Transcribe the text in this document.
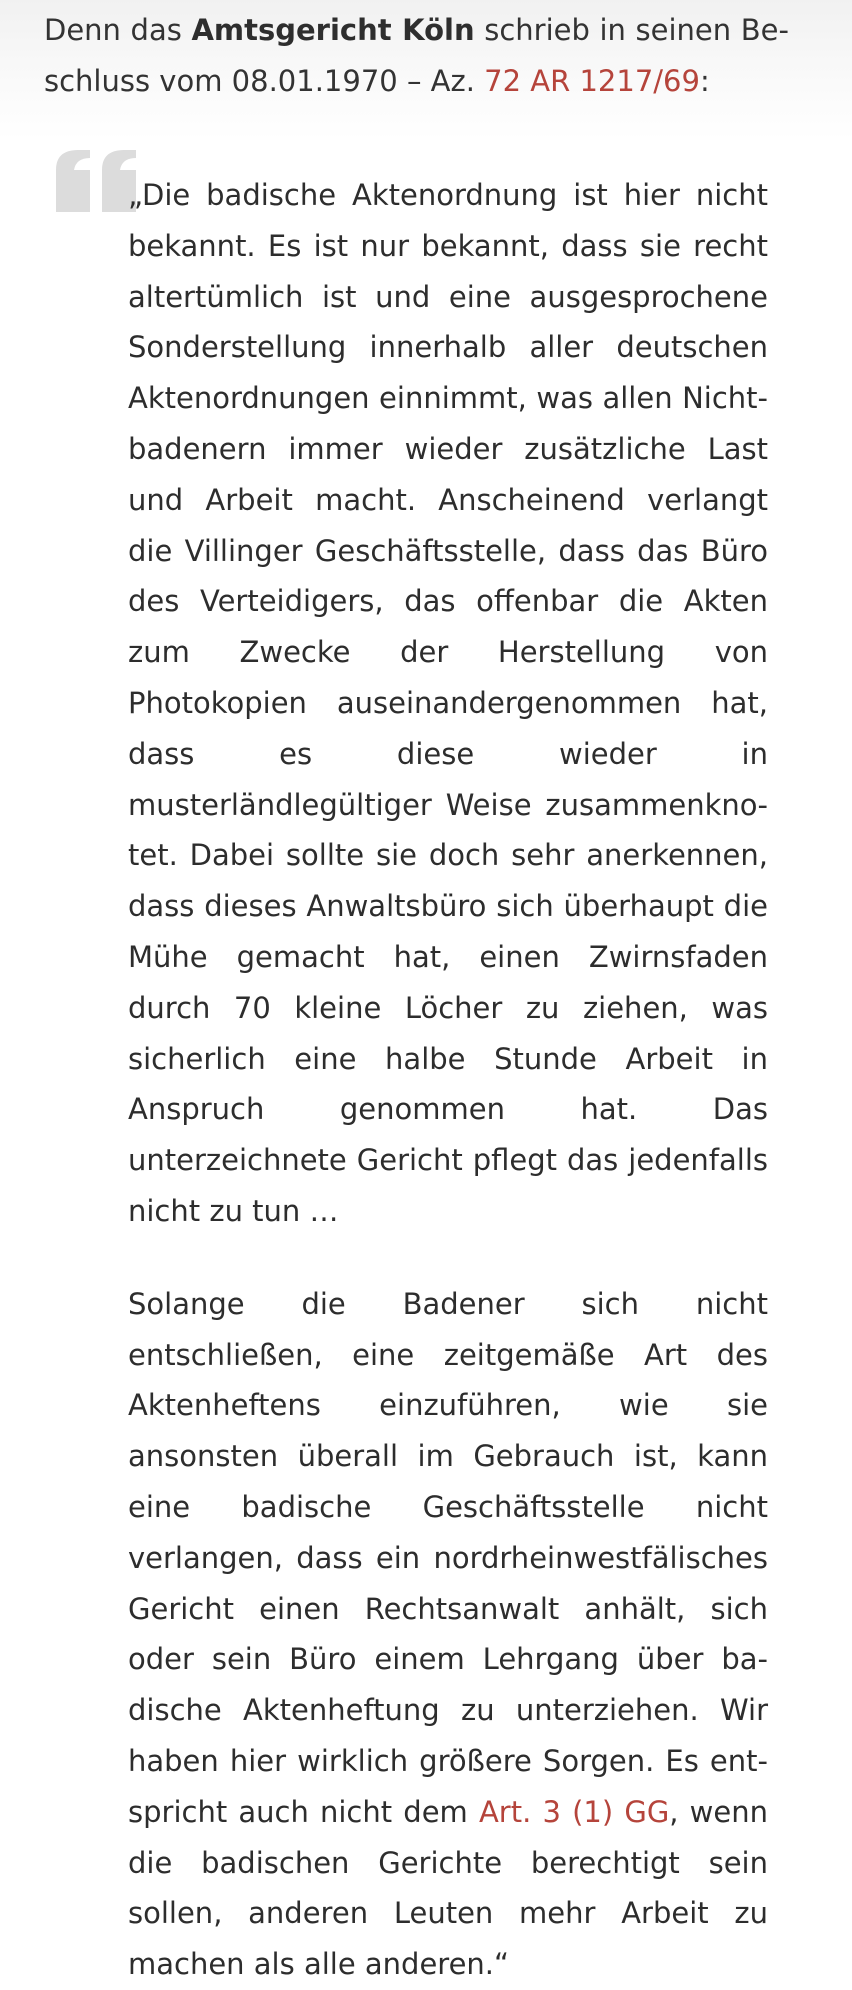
Denn das Amtsgericht Köln schrieb in seinen Beschluss vom 08.01.1970 – Az. 72 AR 1217/69:

„Die badische Aktenordnung ist hier nicht bekannt. Es ist nur bekannt, dass sie recht altertümlich ist und eine ausgesprochene Sonderstellung innerhalb aller deutschen Aktenordnungen einnimmt, was allen Nichtbadenern immer wieder zusätzliche Last und Arbeit macht. Anscheinend verlangt die Villinger Geschäftsstelle, dass das Büro des Verteidigers, das offenbar die Akten zum Zwecke der Herstellung von Photokopien auseinandergenommen hat, dass es diese wieder in musterländlegültiger Weise zusammenknotet. Dabei sollte sie doch sehr anerkennen, dass dieses Anwaltsbüro sich überhaupt die Mühe gemacht hat, einen Zwirnsfaden durch 70 kleine Löcher zu ziehen, was sicherlich eine halbe Stunde Arbeit in Anspruch genommen hat. Das unterzeichnete Gericht pflegt das jedenfalls nicht zu tun …

Solange die Badener sich nicht entschließen, eine zeitgemäße Art des Aktenheftens einzuführen, wie sie ansonsten überall im Gebrauch ist, kann eine badische Geschäftsstelle nicht verlangen, dass ein nordrheinwestfälisches Gericht einen Rechtsanwalt anhält, sich oder sein Büro einem Lehrgang über badische Aktenheftung zu unterziehen. Wir haben hier wirklich größere Sorgen. Es entspricht auch nicht dem Art. 3 (1) GG, wenn die badischen Gerichte berechtigt sein sollen, anderen Leuten mehr Arbeit zu machen als alle anderen.“
